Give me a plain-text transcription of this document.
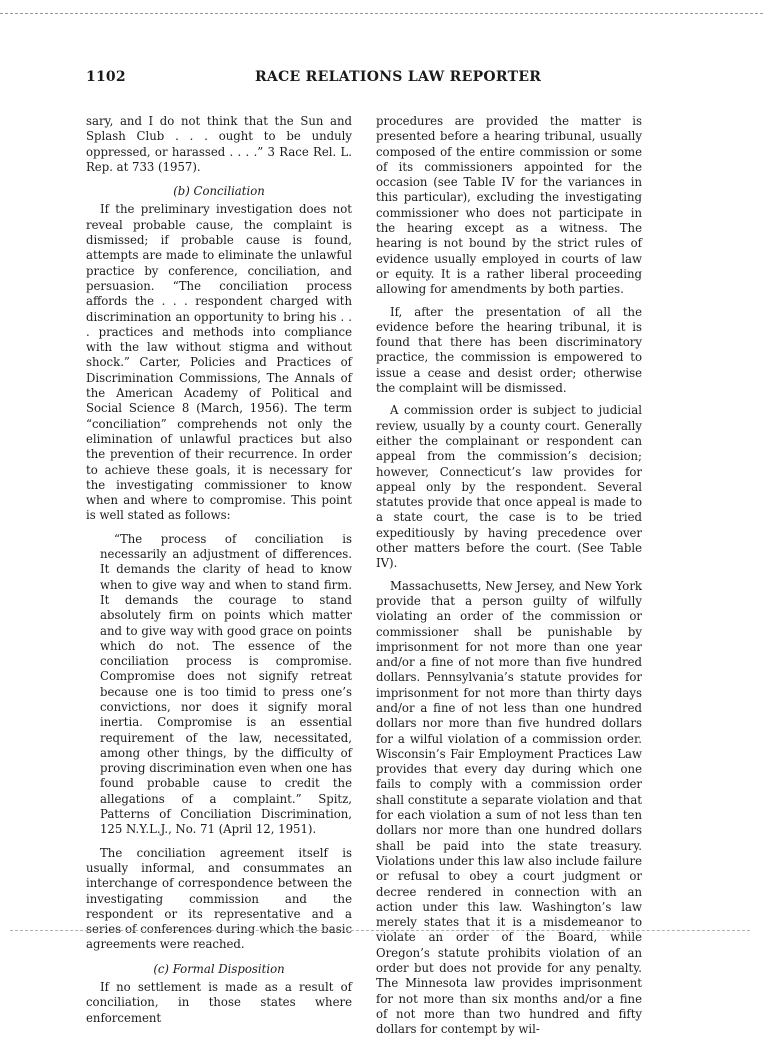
1102	RACE RELATIONS LAW REPORTER

sary, and I do not think that the Sun and Splash Club . . . ought to be unduly oppressed, or harassed . . . .” 3 Race Rel. L. Rep. at 733 (1957).

(b) Conciliation

If the preliminary investigation does not reveal probable cause, the complaint is dismissed; if probable cause is found, attempts are made to eliminate the unlawful practice by conference, conciliation, and persuasion. “The conciliation process affords the . . . respondent charged with discrimination an opportunity to bring his . . . practices and methods into compliance with the law without stigma and without shock.” Carter, Policies and Practices of Discrimination Commissions, The Annals of the American Academy of Political and Social Science 8 (March, 1956). The term “conciliation” comprehends not only the elimination of unlawful practices but also the prevention of their recurrence. In order to achieve these goals, it is necessary for the investigating commissioner to know when and where to compromise. This point is well stated as follows:

“The process of conciliation is necessarily an adjustment of differences. It demands the clarity of head to know when to give way and when to stand firm. It demands the courage to stand absolutely firm on points which matter and to give way with good grace on points which do not. The essence of the conciliation process is compromise. Compromise does not signify retreat because one is too timid to press one’s convictions, nor does it signify moral inertia. Compromise is an essential requirement of the law, necessitated, among other things, by the difficulty of proving discrimination even when one has found probable cause to credit the allegations of a complaint.” Spitz, Patterns of Conciliation Discrimination, 125 N.Y.L.J., No. 71 (April 12, 1951).

The conciliation agreement itself is usually informal, and consummates an interchange of correspondence between the investigating commission and the respondent or its representative and a series of conferences during which the basic agreements were reached.

(c) Formal Disposition

If no settlement is made as a result of conciliation, in those states where enforcement

procedures are provided the matter is presented before a hearing tribunal, usually composed of the entire commission or some of its commissioners appointed for the occasion (see Table IV for the variances in this particular), excluding the investigating commissioner who does not participate in the hearing except as a witness. The hearing is not bound by the strict rules of evidence usually employed in courts of law or equity. It is a rather liberal proceeding allowing for amendments by both parties.

If, after the presentation of all the evidence before the hearing tribunal, it is found that there has been discriminatory practice, the commission is empowered to issue a cease and desist order; otherwise the complaint will be dismissed.

A commission order is subject to judicial review, usually by a county court. Generally either the complainant or respondent can appeal from the commission’s decision; however, Connecticut’s law provides for appeal only by the respondent. Several statutes provide that once appeal is made to a state court, the case is to be tried expeditiously by having precedence over other matters before the court. (See Table IV).

Massachusetts, New Jersey, and New York provide that a person guilty of wilfully violating an order of the commission or commissioner shall be punishable by imprisonment for not more than one year and/or a fine of not more than five hundred dollars. Pennsylvania’s statute provides for imprisonment for not more than thirty days and/or a fine of not less than one hundred dollars nor more than five hundred dollars for a wilful violation of a commission order. Wisconsin’s Fair Employment Practices Law provides that every day during which one fails to comply with a commission order shall constitute a separate violation and that for each violation a sum of not less than ten dollars nor more than one hundred dollars shall be paid into the state treasury. Violations under this law also include failure or refusal to obey a court judgment or decree rendered in connection with an action under this law. Washington’s law merely states that it is a misdemeanor to violate an order of the Board, while Oregon’s statute prohibits violation of an order but does not provide for any penalty. The Minnesota law provides imprisonment for not more than six months and/or a fine of not more than two hundred and fifty dollars for contempt by wil-
